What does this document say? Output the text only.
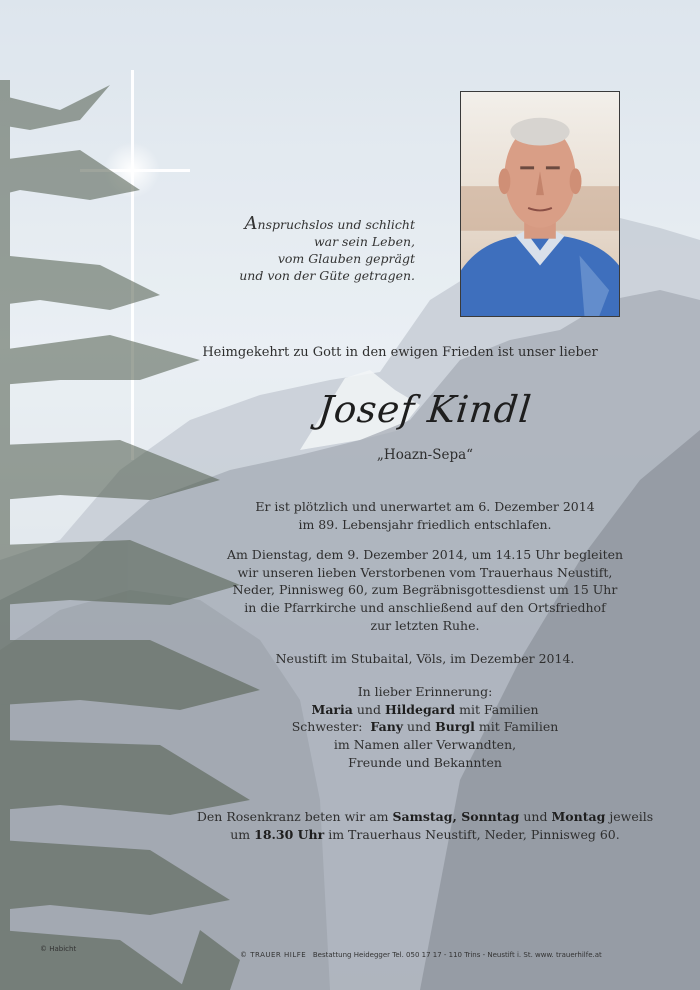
Anspruchslos und schlicht

war sein Leben,

vom Glauben geprägt

und von der Güte getragen.

Heimgekehrt zu Gott in den ewigen Frieden ist unser lieber
Josef Kindl
„Hoazn-Sepa“

Er ist plötzlich und unerwartet am 6. Dezember 2014

im 89. Lebensjahr friedlich entschlafen.

Am Dienstag, dem 9. Dezember 2014, um 14.15 Uhr begleiten

wir unseren lieben Verstorbenen vom Trauerhaus Neustift,

Neder, Pinnisweg 60, zum Begräbnisgottesdienst um 15 Uhr

in die Pfarrkirche und anschließend auf den Ortsfriedhof

zur letzten Ruhe.

Neustift im Stubaital, Völs, im Dezember 2014.

In lieber Erinnerung:

Maria und Hildegard mit Familien

Schwester: Fany und Burgl mit Familien

im Namen aller Verwandten,

Freunde und Bekannten

Den Rosenkranz beten wir am Samstag, Sonntag und Montag jeweils

um 18.30 Uhr im Trauerhaus Neustift, Neder, Pinnisweg 60.

© Habicht
© TRAUER HILFE Bestattung Heidegger Tel. 050 17 17 - 110 Trins - Neustift i. St. www. trauerhilfe.at
